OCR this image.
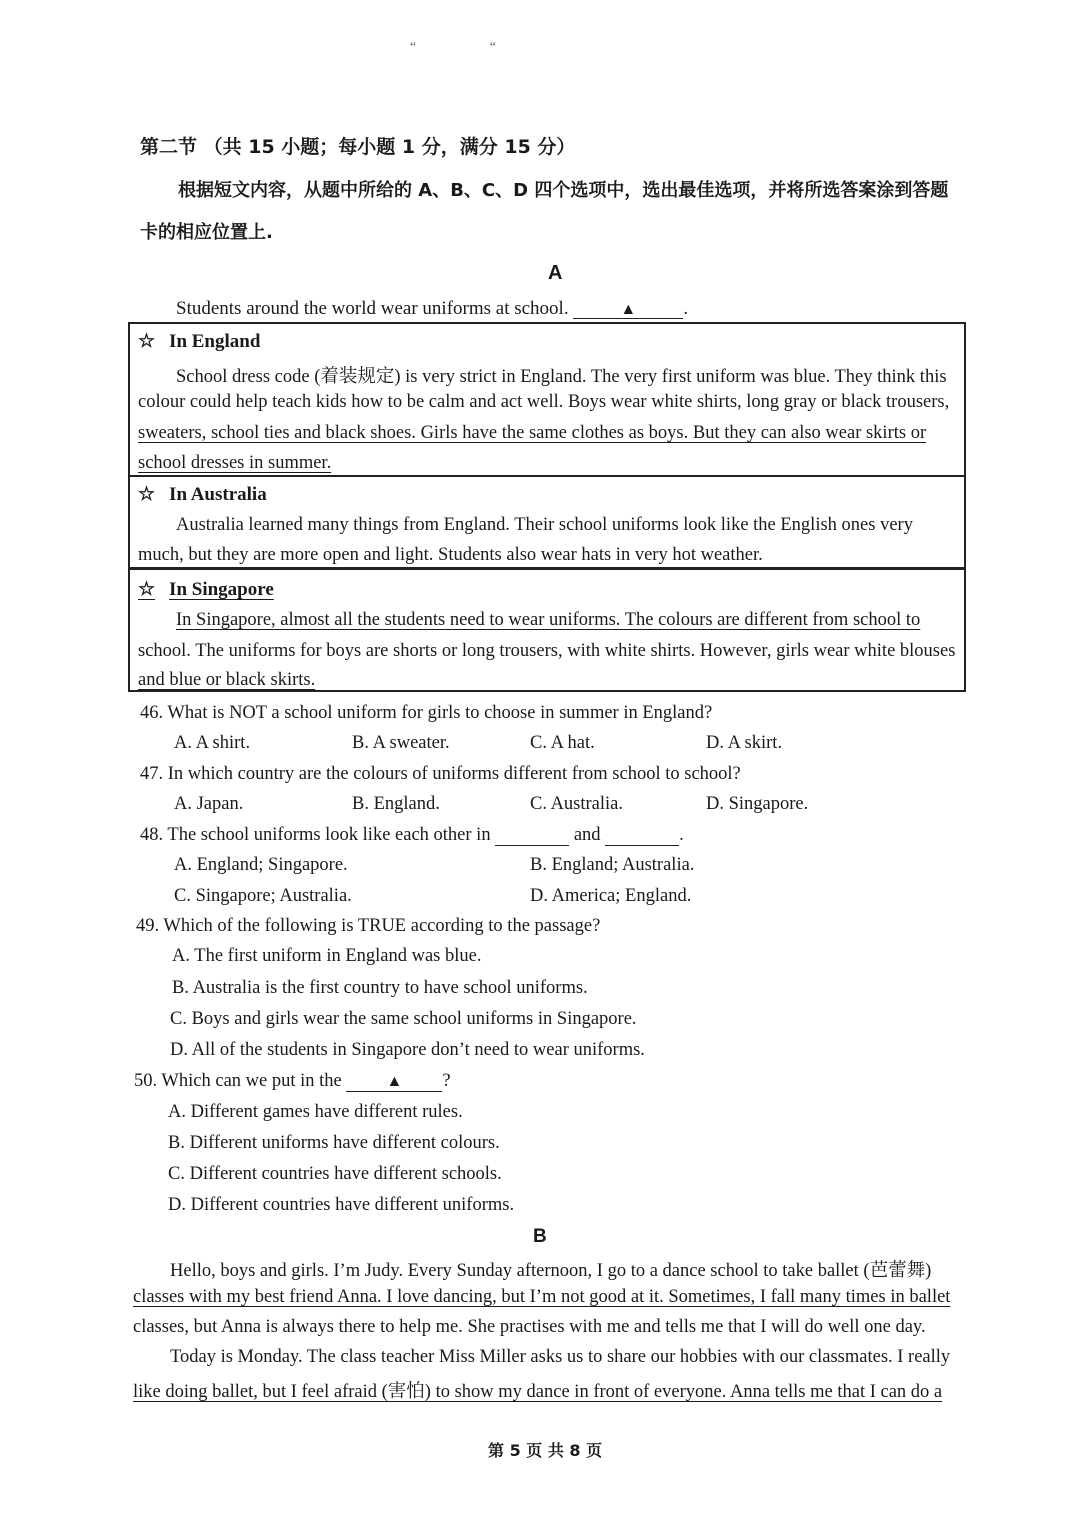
“ “
第二节 （共 15 小题；每小题 1 分，满分 15 分）
根据短文内容，从题中所给的 A、B、C、D 四个选项中，选出最佳选项，并将所选答案涂到答题
卡的相应位置上.
A
Students around the world wear uniforms at school.	▲ .
☆ In England
School dress code (着装规定) is very strict in England. The very first uniform was blue. They think this
colour could help teach kids how to be calm and act well. Boys wear white shirts, long gray or black trousers,
sweaters, school ties and black shoes. Girls have the same clothes as boys. But they can also wear skirts or
school dresses in summer.
☆ In Australia
Australia learned many things from England. Their school uniforms look like the English ones very
much, but they are more open and light. Students also wear hats in very hot weather.
☆ In Singapore
In Singapore, almost all the students need to wear uniforms. The colours are different from school to
school. The uniforms for boys are shorts or long trousers, with white shirts. However, girls wear white blouses
and blue or black skirts.
46. What is NOT a school uniform for girls to choose in summer in England?
A. A shirt.	B. A sweater.	C. A hat.	D. A skirt.
47. In which country are the colours of uniforms different from school to school?
A. Japan.	B. England.	C. Australia.	D. Singapore.
48. The school uniforms look like each other in	and	.
A. England; Singapore.	B. England; Australia.
C. Singapore; Australia.	D. America; England.
49. Which of the following is TRUE according to the passage?
A. The first uniform in England was blue.
B. Australia is the first country to have school uniforms.
C. Boys and girls wear the same school uniforms in Singapore.
D. All of the students in Singapore don’t need to wear uniforms.
50. Which can we put in the	▲ ?
A. Different games have different rules.
B. Different uniforms have different colours.
C. Different countries have different schools.
D. Different countries have different uniforms.
B
Hello, boys and girls. I’m Judy. Every Sunday afternoon, I go to a dance school to take ballet (芭蕾舞)
classes with my best friend Anna. I love dancing, but I’m not good at it. Sometimes, I fall many times in ballet
classes, but Anna is always there to help me. She practises with me and tells me that I will do well one day.
Today is Monday. The class teacher Miss Miller asks us to share our hobbies with our classmates. I really
like doing ballet, but I feel afraid (害怕) to show my dance in front of everyone. Anna tells me that I can do a
第 5 页 共 8 页
